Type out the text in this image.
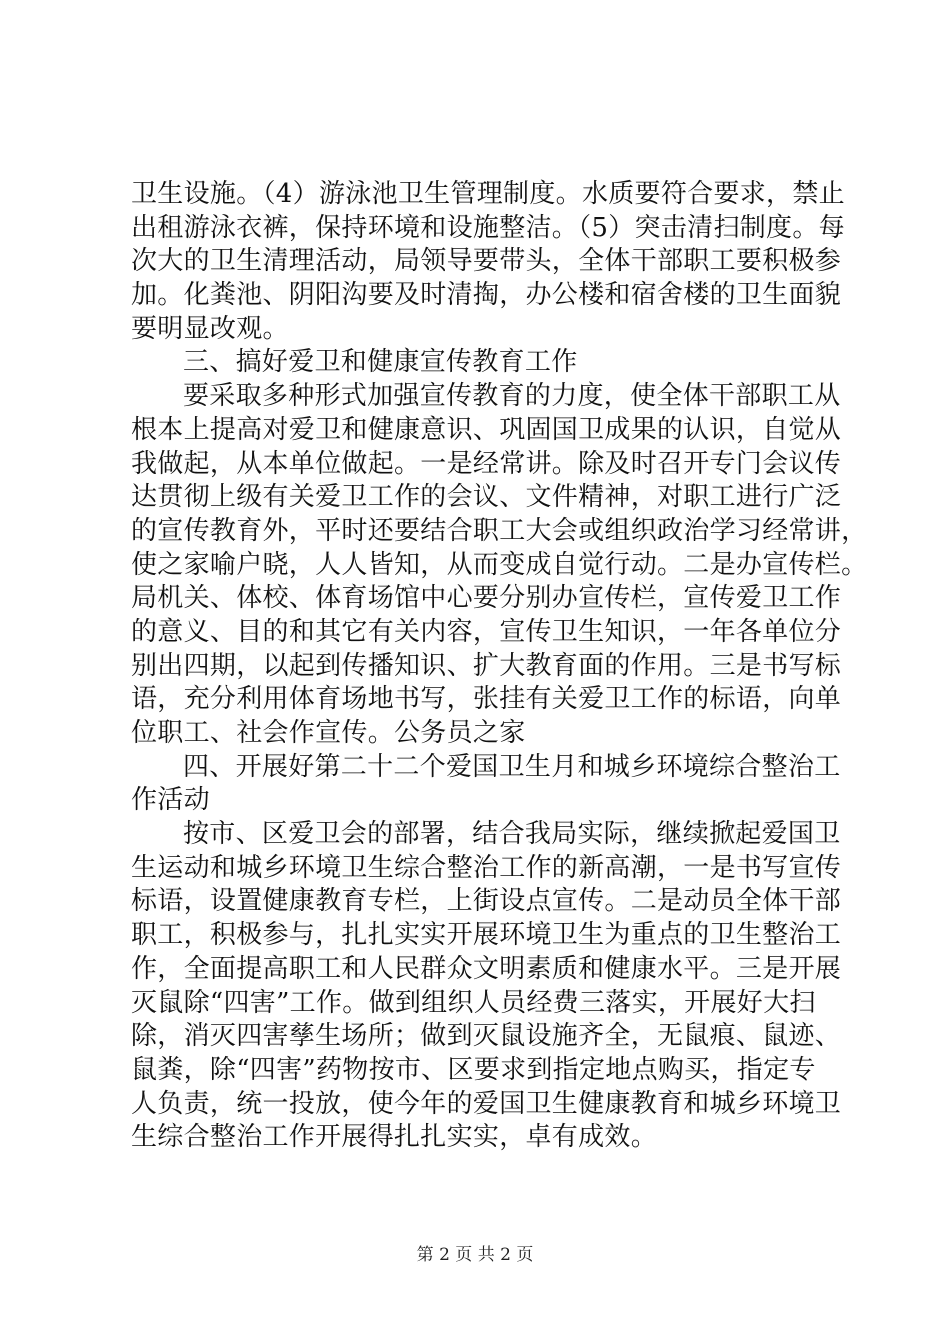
卫生设施。（4）游泳池卫生管理制度。水质要符合要求，禁止
出租游泳衣裤，保持环境和设施整洁。（5）突击清扫制度。每
次大的卫生清理活动，局领导要带头，全体干部职工要积极参
加。化粪池、阴阳沟要及时清掏，办公楼和宿舍楼的卫生面貌
要明显改观。
三、搞好爱卫和健康宣传教育工作
要采取多种形式加强宣传教育的力度，使全体干部职工从
根本上提高对爱卫和健康意识、巩固国卫成果的认识，自觉从
我做起，从本单位做起。一是经常讲。除及时召开专门会议传
达贯彻上级有关爱卫工作的会议、文件精神，对职工进行广泛
的宣传教育外，平时还要结合职工大会或组织政治学习经常讲，
使之家喻户晓，人人皆知，从而变成自觉行动。二是办宣传栏。
局机关、体校、体育场馆中心要分别办宣传栏，宣传爱卫工作
的意义、目的和其它有关内容，宣传卫生知识，一年各单位分
别出四期，以起到传播知识、扩大教育面的作用。三是书写标
语，充分利用体育场地书写，张挂有关爱卫工作的标语，向单
位职工、社会作宣传。公务员之家
四、开展好第二十二个爱国卫生月和城乡环境综合整治工
作活动
按市、区爱卫会的部署，结合我局实际，继续掀起爱国卫
生运动和城乡环境卫生综合整治工作的新高潮，一是书写宣传
标语，设置健康教育专栏，上街设点宣传。二是动员全体干部
职工，积极参与，扎扎实实开展环境卫生为重点的卫生整治工
作，全面提高职工和人民群众文明素质和健康水平。三是开展
灭鼠除“四害”工作。做到组织人员经费三落实，开展好大扫
除，消灭四害孳生场所；做到灭鼠设施齐全，无鼠痕、鼠迹、
鼠粪，除“四害”药物按市、区要求到指定地点购买，指定专
人负责，统一投放，使今年的爱国卫生健康教育和城乡环境卫
生综合整治工作开展得扎扎实实，卓有成效。
第 2 页 共 2 页
